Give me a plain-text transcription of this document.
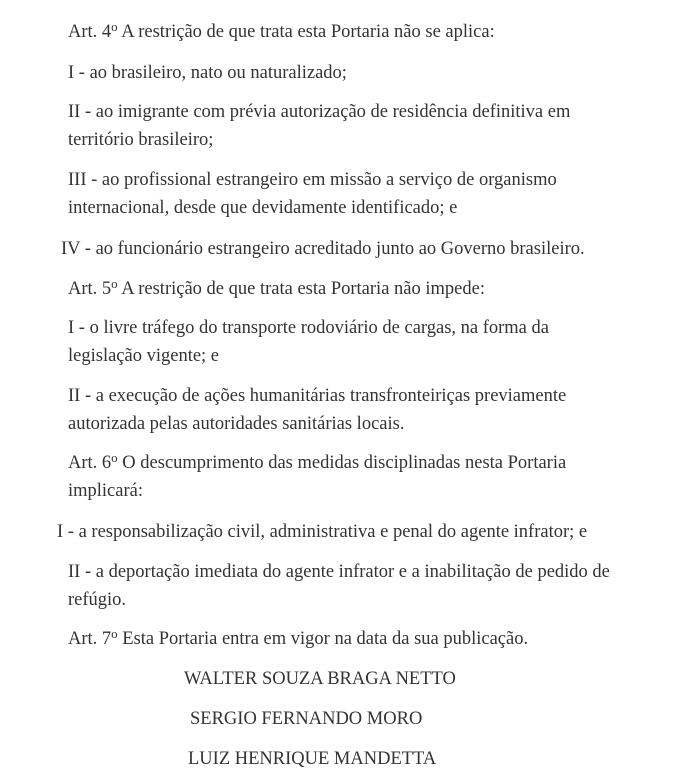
Art. 4$^o$ A restrição de que trata esta Portaria não se aplica:

I - ao brasileiro, nato ou naturalizado;

II - ao imigrante com prévia autorização de residência definitiva em território brasileiro;

III - ao profissional estrangeiro em missão a serviço de organismo internacional, desde que devidamente identificado; e

IV - ao funcionário estrangeiro acreditado junto ao Governo brasileiro.

Art. 5$^o$ A restrição de que trata esta Portaria não impede:

I - o livre tráfego do transporte rodoviário de cargas, na forma da legislação vigente; e

II - a execução de ações humanitárias transfronteiriças previamente autorizada pelas autoridades sanitárias locais.

Art. 6$^o$ O descumprimento das medidas disciplinadas nesta Portaria implicará:

I - a responsabilização civil, administrativa e penal do agente infrator; e

II - a deportação imediata do agente infrator e a inabilitação de pedido de refúgio.

Art. 7$^o$ Esta Portaria entra em vigor na data da sua publicação.

WALTER SOUZA BRAGA NETTO
SERGIO FERNANDO MORO
LUIZ HENRIQUE MANDETTA
